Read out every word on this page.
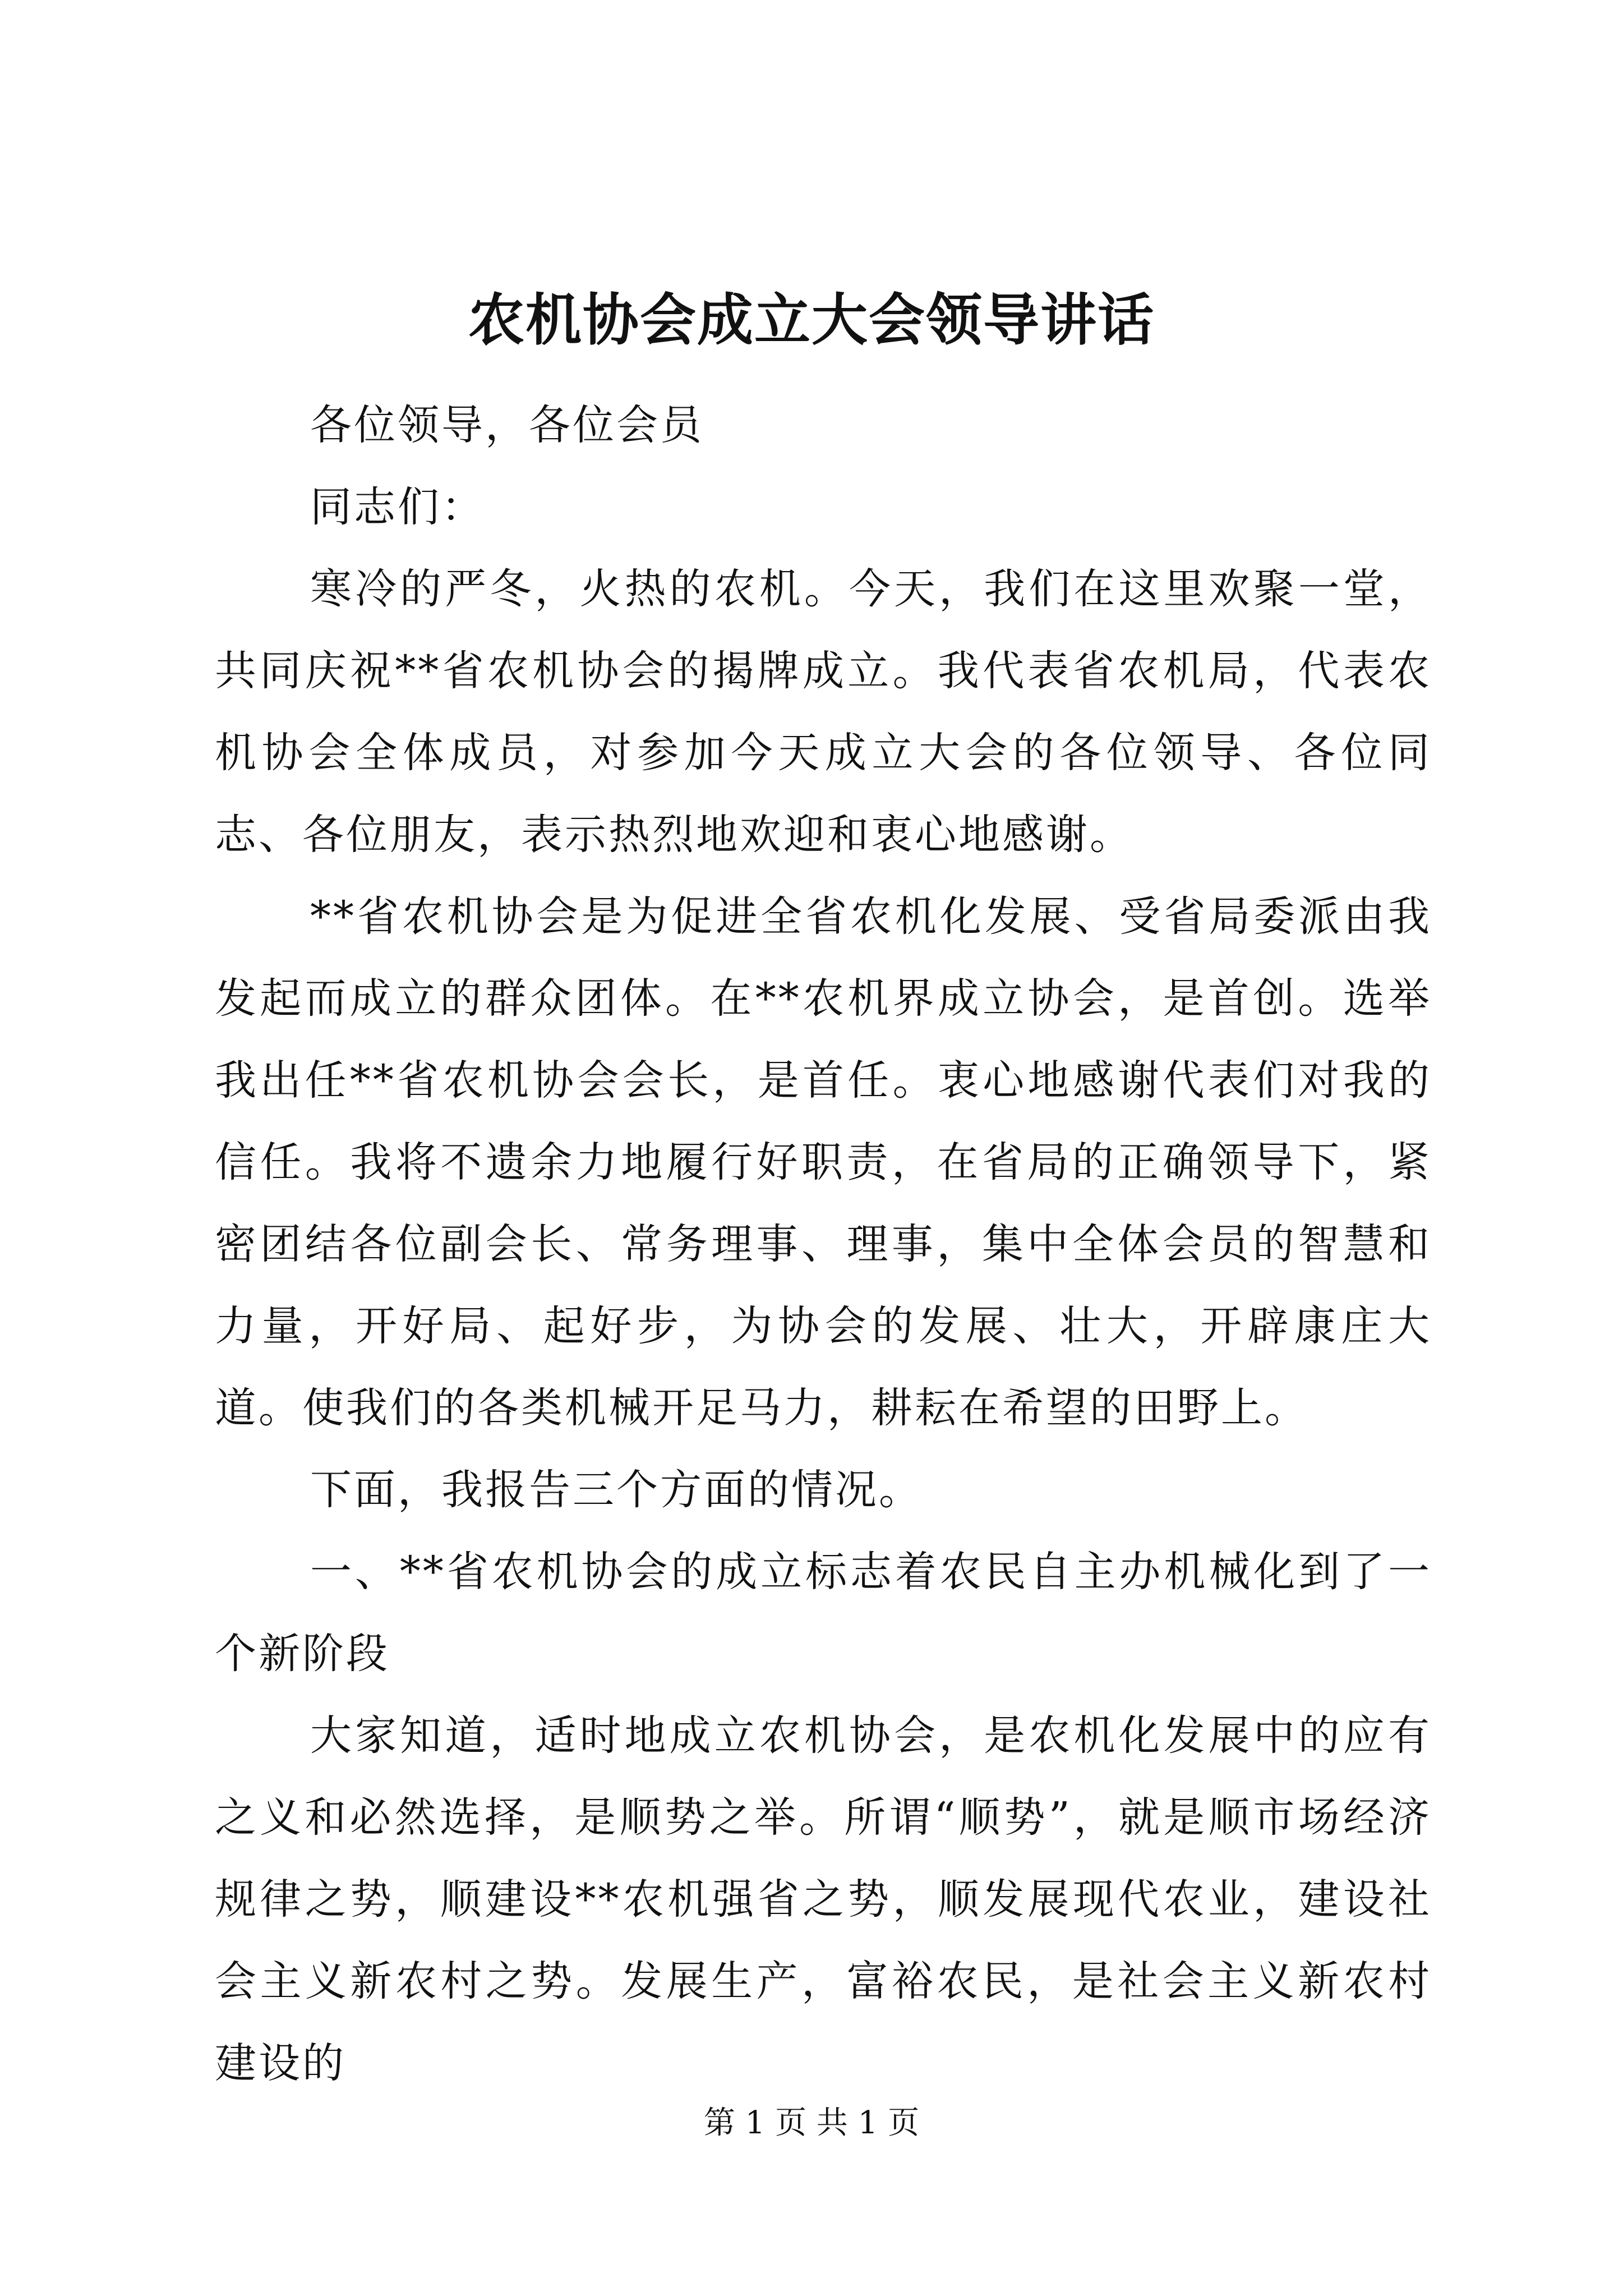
农机协会成立大会领导讲话

各位领导，各位会员

同志们：

寒冷的严冬，火热的农机。今天，我们在这里欢聚一堂，共同庆祝**省农机协会的揭牌成立。我代表省农机局，代表农机协会全体成员，对参加今天成立大会的各位领导、各位同志、各位朋友，表示热烈地欢迎和衷心地感谢。

**省农机协会是为促进全省农机化发展、受省局委派由我发起而成立的群众团体。在**农机界成立协会，是首创。选举我出任**省农机协会会长，是首任。衷心地感谢代表们对我的信任。我将不遗余力地履行好职责，在省局的正确领导下，紧密团结各位副会长、常务理事、理事，集中全体会员的智慧和力量，开好局、起好步，为协会的发展、壮大，开辟康庄大道。使我们的各类机械开足马力，耕耘在希望的田野上。

下面，我报告三个方面的情况。

一、**省农机协会的成立标志着农民自主办机械化到了一个新阶段

大家知道，适时地成立农机协会，是农机化发展中的应有之义和必然选择，是顺势之举。所谓“顺势”，就是顺市场经济规律之势，顺建设**农机强省之势，顺发展现代农业，建设社会主义新农村之势。发展生产，富裕农民，是社会主义新农村建设的

第 1 页 共 1 页
